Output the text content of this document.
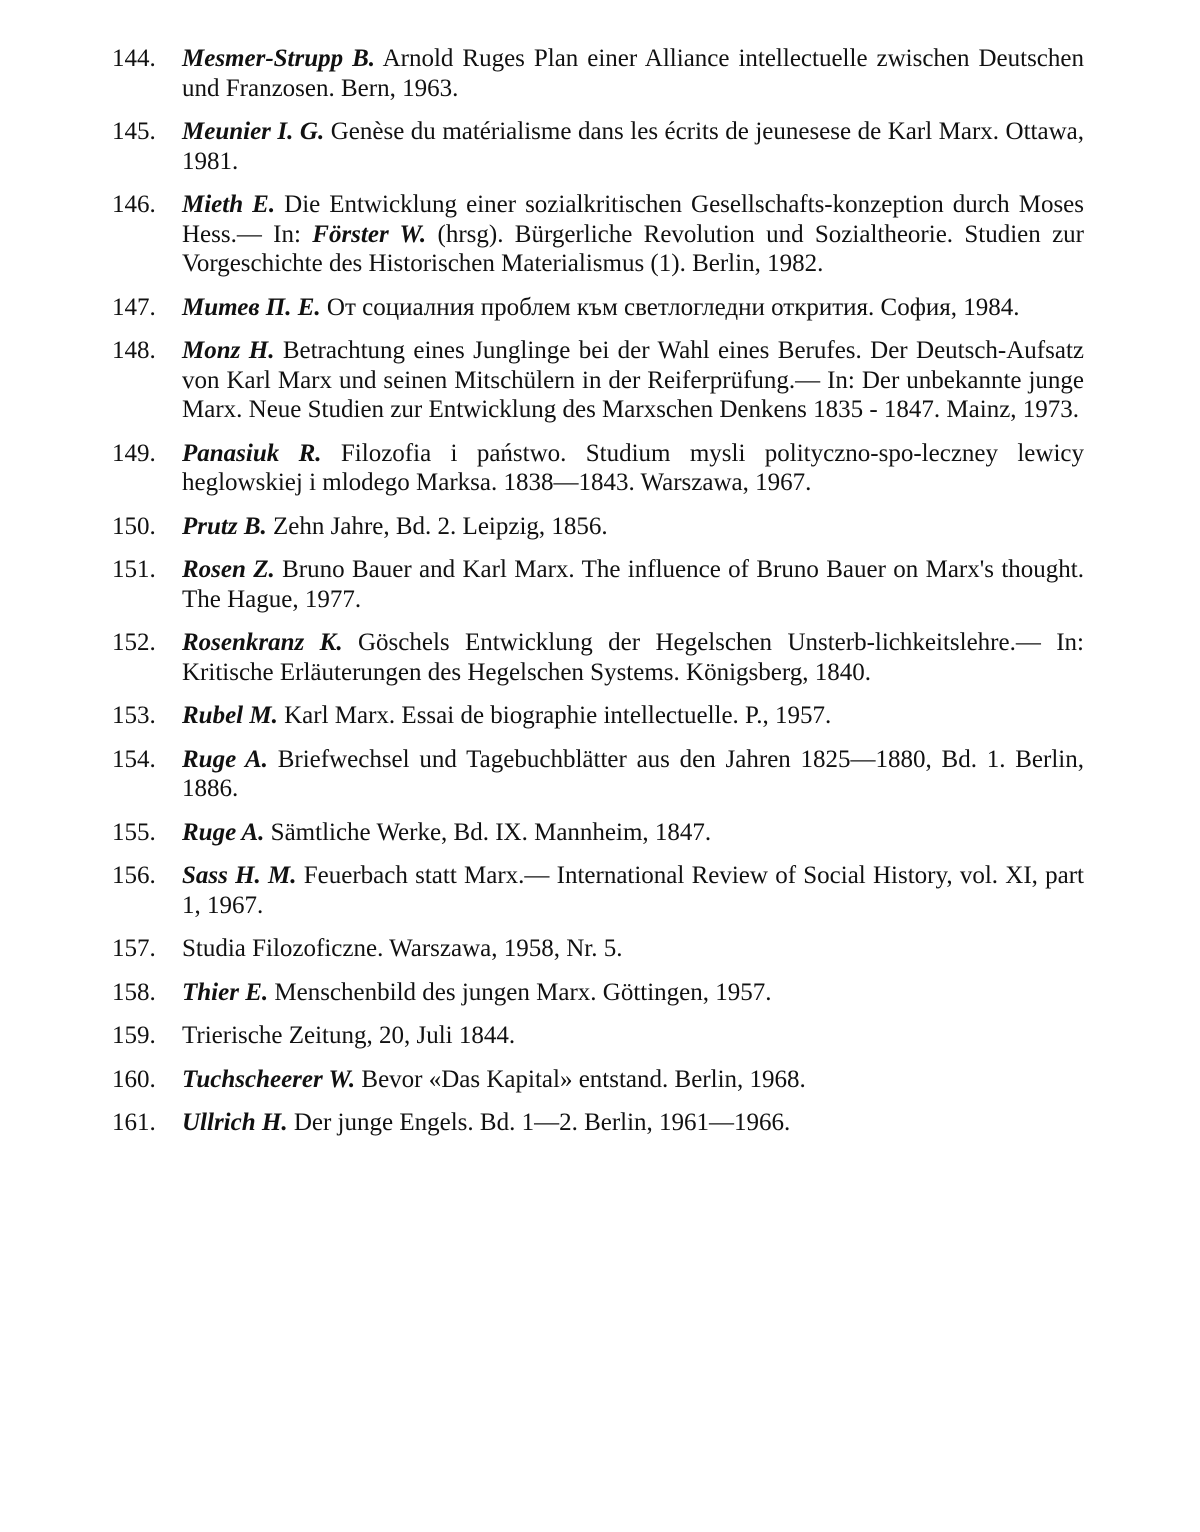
144.	Mesmer-Strupp B. Arnold Ruges Plan einer Alliance intellectuelle zwischen Deutschen und Franzosen. Bern, 1963.
145.	Meunier I. G. Genèse du matérialisme dans les écrits de jeunesese de Karl Marx. Ottawa, 1981.
146.	Mieth E. Die Entwicklung einer sozialkritischen Gesellschafts-konzeption durch Moses Hess.— In: Förster W. (hrsg). Bürgerliche Revolution und Sozialtheorie. Studien zur Vorgeschichte des Historischen Materialismus (1). Berlin, 1982.
147.	Митев П. Е. От социалния проблем към светлогледни открития. София, 1984.
148.	Monz H. Betrachtung eines Junglinge bei der Wahl eines Berufes. Der Deutsch-Aufsatz von Karl Marx und seinen Mitschülern in der Reiferprüfung.— In: Der unbekannte junge Marx. Neue Studien zur Entwicklung des Marxschen Denkens 1835 - 1847. Mainz, 1973.
149.	Panasiuk R. Filozofia i państwo. Studium mysli polityczno-spo-leczney lewicy heglowskiej i mlodego Marksa. 1838—1843. Warszawa, 1967.
150.	Prutz B. Zehn Jahre, Bd. 2. Leipzig, 1856.
151.	Rosen Z. Bruno Bauer and Karl Marx. The influence of Bruno Bauer on Marx's thought. The Hague, 1977.
152.	Rosenkranz K. Göschels Entwicklung der Hegelschen Unsterb-lichkeitslehre.— In: Kritische Erläuterungen des Hegelschen Systems. Königsberg, 1840.
153.	Rubel M. Karl Marx. Essai de biographie intellectuelle. P., 1957.
154.	Ruge A. Briefwechsel und Tagebuchblätter aus den Jahren 1825—1880, Bd. 1. Berlin, 1886.
155.	Ruge A. Sämtliche Werke, Bd. IX. Mannheim, 1847.
156.	Sass H. M. Feuerbach statt Marx.— International Review of Social History, vol. XI, part 1, 1967.
157.	Studia Filozoficzne. Warszawa, 1958, Nr. 5.
158.	Thier E. Menschenbild des jungen Marx. Göttingen, 1957.
159.	Trierische Zeitung, 20, Juli 1844.
160.	Tuchscheerer W. Bevor «Das Kapital» entstand. Berlin, 1968.
161.	Ullrich H. Der junge Engels. Bd. 1—2. Berlin, 1961—1966.
